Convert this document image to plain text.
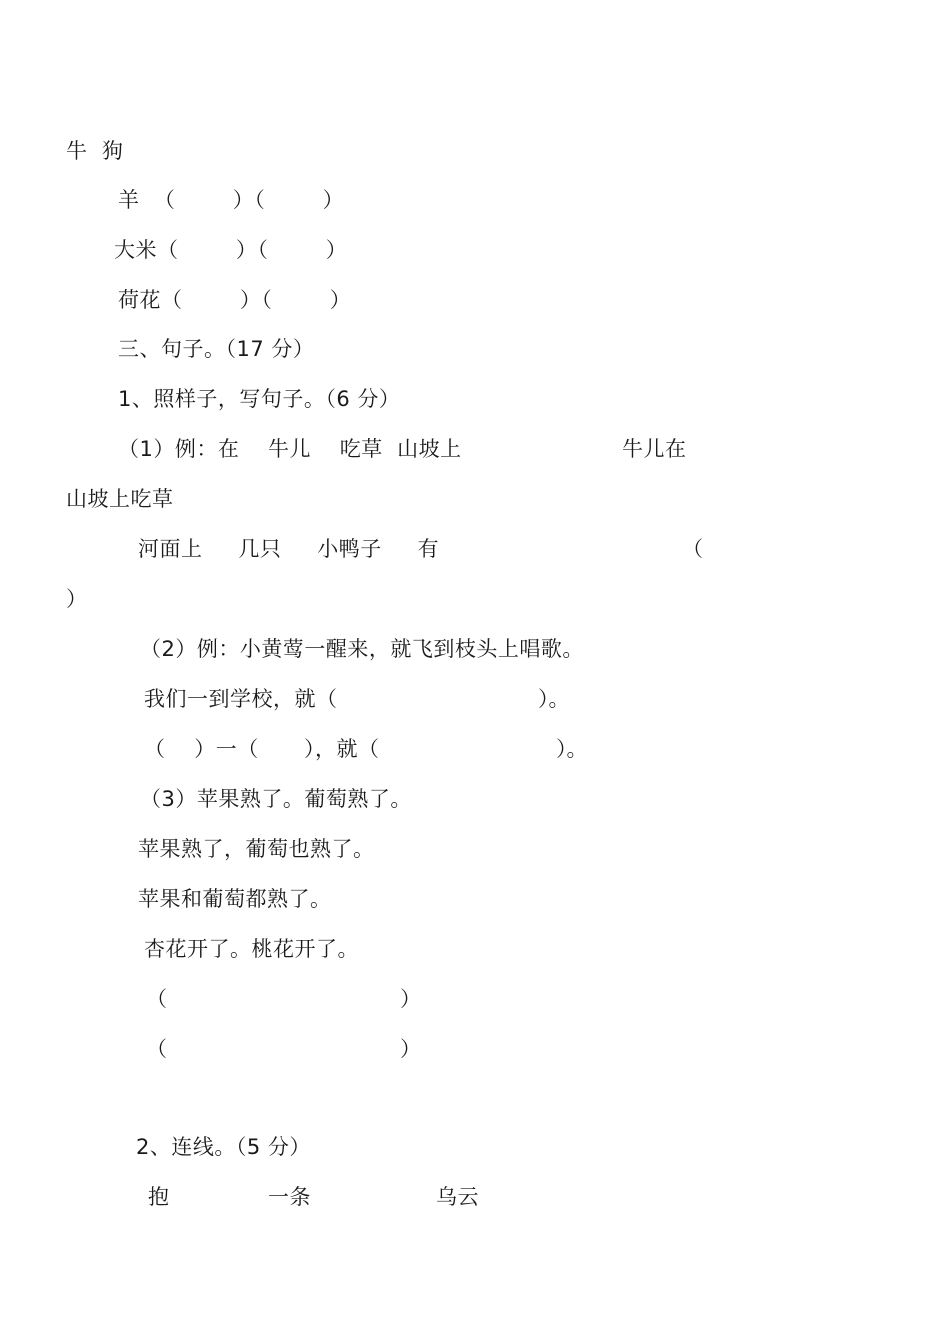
牛  狗
羊  （        ）（        ）
大米（        ）（        ）
荷花（        ）（        ）
三、句子。（17 分）
1、照样子，写句子。（6 分）
（1）例：在    牛儿    吃草  山坡上	牛儿在
山坡上吃草
河面上     几只     小鸭子     有	（
）
（2）例：小黄莺一醒来，就飞到枝头上唱歌。
我们一到学校，就（	）。
（    ）一（ ），就（	）。
（3）苹果熟了。葡萄熟了。
苹果熟了，葡萄也熟了。
苹果和葡萄都熟了。
杏花开了。桃花开了。
（	）
（	）
2、连线。（5 分）
抱	一条	乌云
